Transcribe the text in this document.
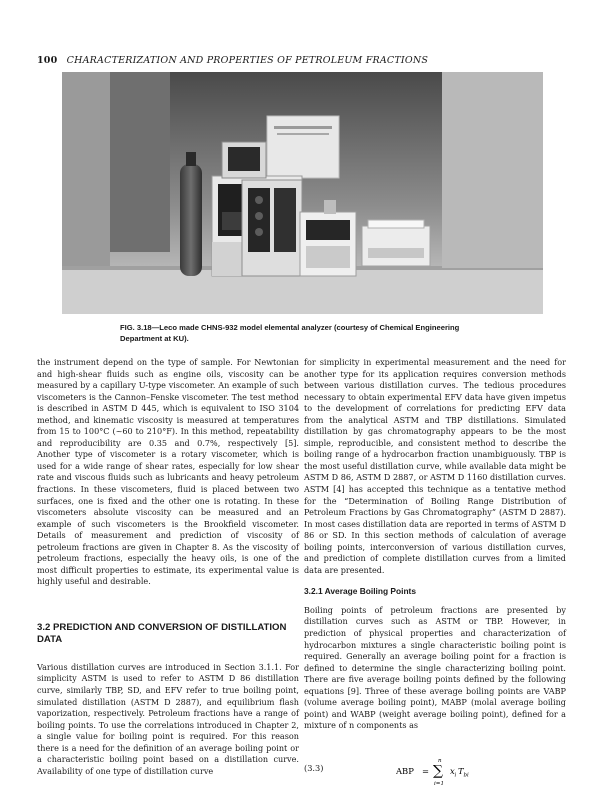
100 CHARACTERIZATION AND PROPERTIES OF PETROLEUM FRACTIONS
FIG. 3.18—Leco made CHNS-932 model elemental analyzer (courtesy of Chemical Engineering Department at KU).

the instrument depend on the type of sample. For Newtonian and high-shear fluids such as engine oils, viscosity can be measured by a capillary U-type viscometer. An example of such viscometers is the Cannon–Fenske viscometer. The test method is described in ASTM D 445, which is equivalent to ISO 3104 method, and kinematic viscosity is measured at temperatures from 15 to 100°C (~60 to 210°F). In this method, repeatability and reproducibility are 0.35 and 0.7%, respectively [5]. Another type of viscometer is a rotary viscometer, which is used for a wide range of shear rates, especially for low shear rate and viscous fluids such as lubricants and heavy petroleum fractions. In these viscometers, fluid is placed between two surfaces, one is fixed and the other one is rotating. In these viscometers absolute viscosity can be measured and an example of such viscometers is the Brookfield viscometer. Details of measurement and prediction of viscosity of petroleum fractions are given in Chapter 8. As the viscosity of petroleum fractions, especially the heavy oils, is one of the most difficult properties to estimate, its experimental value is highly useful and desirable.

3.2 PREDICTION AND CONVERSION OF DISTILLATION DATA

Various distillation curves are introduced in Section 3.1.1. For simplicity ASTM is used to refer to ASTM D 86 distillation curve, similarly TBP, SD, and EFV refer to true boiling point, simulated distillation (ASTM D 2887), and equilibrium flash vaporization, respectively. Petroleum fractions have a range of boiling points. To use the correlations introduced in Chapter 2, a single value for boiling point is required. For this reason there is a need for the definition of an average boiling point or a characteristic boiling point based on a distillation curve. Availability of one type of distillation curve

for simplicity in experimental measurement and the need for another type for its application requires conversion methods between various distillation curves. The tedious procedures necessary to obtain experimental EFV data have given impetus to the development of correlations for predicting EFV data from the analytical ASTM and TBP distillations. Simulated distillation by gas chromatography appears to be the most simple, reproducible, and consistent method to describe the boiling range of a hydrocarbon fraction unambiguously. TBP is the most useful distillation curve, while available data might be ASTM D 86, ASTM D 2887, or ASTM D 1160 distillation curves. ASTM [4] has accepted this technique as a tentative method for the “Determination of Boiling Range Distribution of Petroleum Fractions by Gas Chromatography” (ASTM D 2887). In most cases distillation data are reported in terms of ASTM D 86 or SD. In this section methods of calculation of average boiling points, interconversion of various distillation curves, and prediction of complete distillation curves from a limited data are presented.

3.2.1 Average Boiling Points

Boiling points of petroleum fractions are presented by distillation curves such as ASTM or TBP. However, in prediction of physical properties and characterization of hydrocarbon mixtures a single characteristic boiling point is required. Generally an average boiling point for a fraction is defined to determine the single characterizing boiling point. There are five average boiling points defined by the following equations [9]. Three of these average boiling points are VABP (volume average boiling point), MABP (molal average boiling point) and WABP (weight average boiling point), defined for a mixture of n components as

(3.3)	ABP = ∑
n
i=1
x i T bi
